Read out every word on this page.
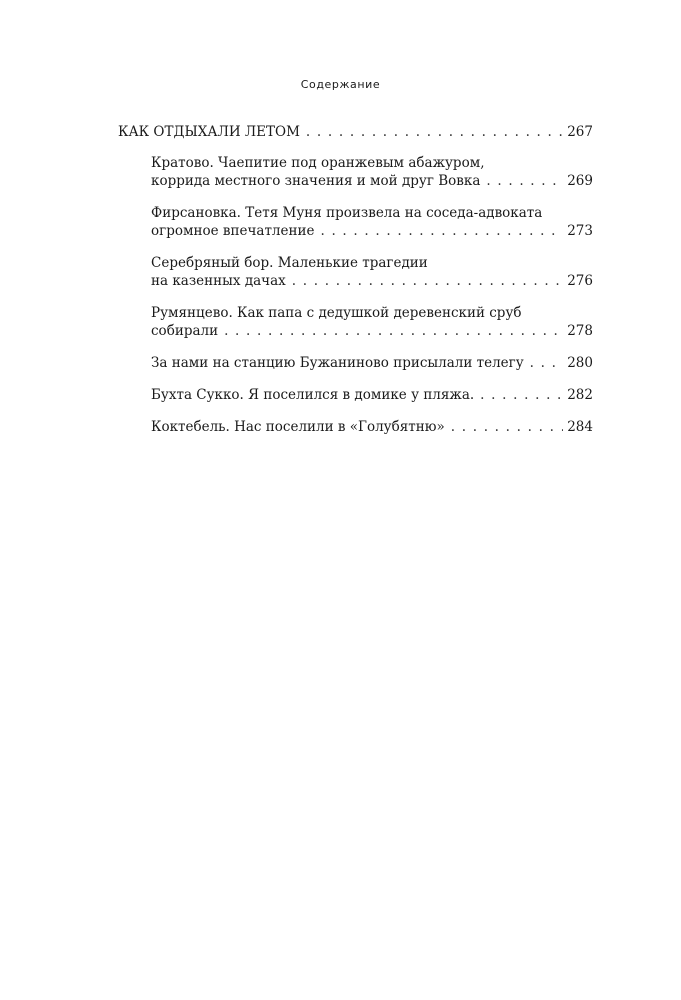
Содержание
КАК ОТДЫХАЛИ ЛЕТОМ . . .	267
Кратово. Чаепитие под оранжевым абажуром,
коррида местного значения и мой друг Вовка . . .	269
Фирсановка. Тетя Муня произвела на соседа-адвоката
огромное впечатление . . .	273
Серебряный бор. Маленькие трагедии
на казенных дачах . . .	276
Румянцево. Как папа с дедушкой деревенский сруб
собирали . . .	278
За нами на станцию Бужаниново присылали телегу . . .	280
Бухта Сукко. Я поселился в домике у пляжа. . . .	282
Коктебель. Нас поселили в «Голубятню» . . .	284
